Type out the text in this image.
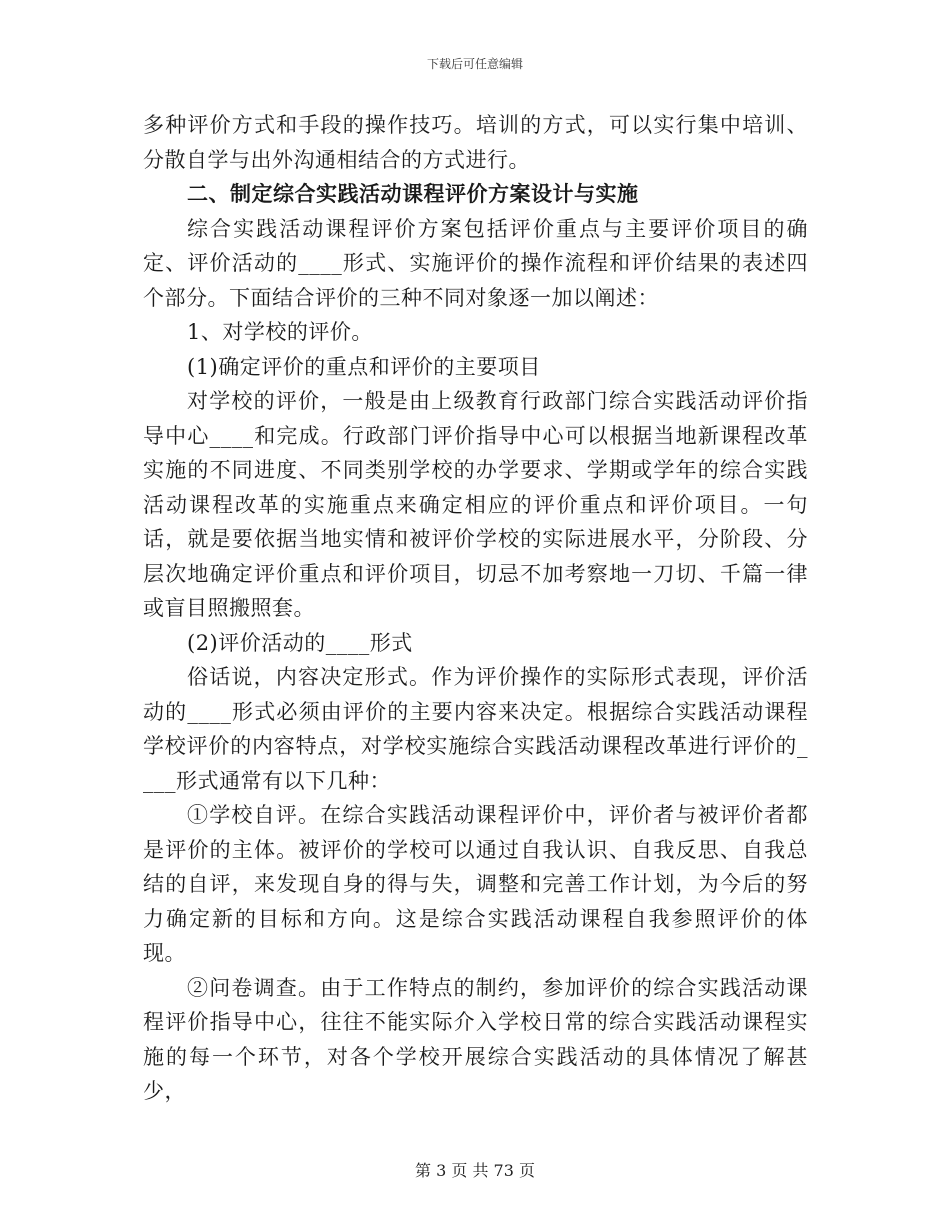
下载后可任意编辑

多种评价方式和手段的操作技巧。培训的方式，可以实行集中培训、分散自学与出外沟通相结合的方式进行。

二、制定综合实践活动课程评价方案设计与实施

综合实践活动课程评价方案包括评价重点与主要评价项目的确定、评价活动的____形式、实施评价的操作流程和评价结果的表述四个部分。下面结合评价的三种不同对象逐一加以阐述：

1、对学校的评价。

(1)确定评价的重点和评价的主要项目

对学校的评价，一般是由上级教育行政部门综合实践活动评价指导中心____和完成。行政部门评价指导中心可以根据当地新课程改革实施的不同进度、不同类别学校的办学要求、学期或学年的综合实践活动课程改革的实施重点来确定相应的评价重点和评价项目。一句话，就是要依据当地实情和被评价学校的实际进展水平，分阶段、分层次地确定评价重点和评价项目，切忌不加考察地一刀切、千篇一律或盲目照搬照套。

(2)评价活动的____形式

俗话说，内容决定形式。作为评价操作的实际形式表现，评价活动的____形式必须由评价的主要内容来决定。根据综合实践活动课程学校评价的内容特点，对学校实施综合实践活动课程改革进行评价的____形式通常有以下几种：

①学校自评。在综合实践活动课程评价中，评价者与被评价者都是评价的主体。被评价的学校可以通过自我认识、自我反思、自我总结的自评，来发现自身的得与失，调整和完善工作计划，为今后的努力确定新的目标和方向。这是综合实践活动课程自我参照评价的体现。

②问卷调查。由于工作特点的制约，参加评价的综合实践活动课程评价指导中心，往往不能实际介入学校日常的综合实践活动课程实施的每一个环节，对各个学校开展综合实践活动的具体情况了解甚少，

第 3 页 共 73 页
